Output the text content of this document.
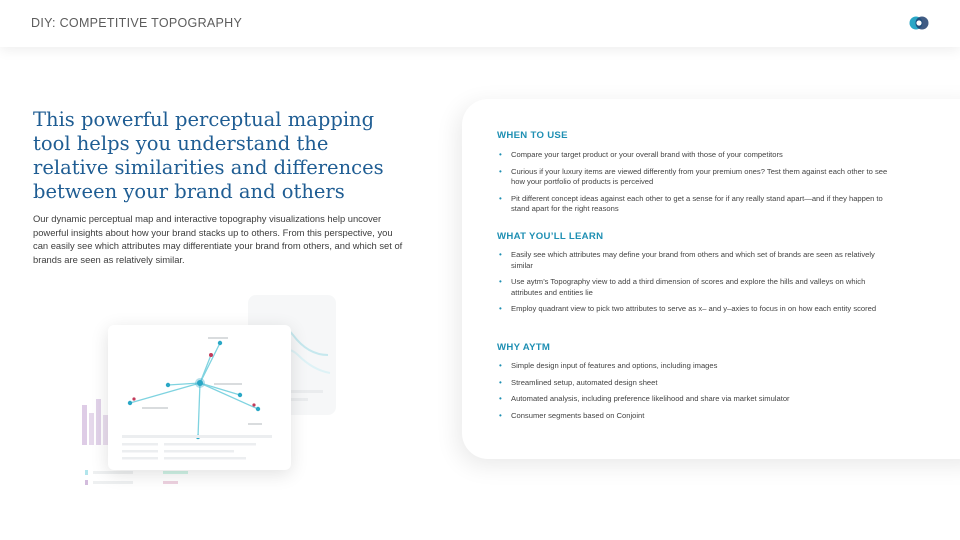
DIY: COMPETITIVE TOPOGRAPHY
This powerful perceptual mapping tool helps you understand the relative similarities and differences between your brand and others

Our dynamic perceptual map and interactive topography visualizations help uncover powerful insights about how your brand stacks up to others. From this perspective, you can easily see which attributes may differentiate your brand from others, and which set of brands are seen as relatively similar.

WHEN TO USE
• Compare your target product or your overall brand with those of your competitors
• Curious if your luxury items are viewed differently from your premium ones? Test them against each other to see how your portfolio of products is perceived
• Pit different concept ideas against each other to get a sense for if any really stand apart—and if they happen to stand apart for the right reasons
WHAT YOU’LL LEARN
• Easily see which attributes may define your brand from others and which set of brands are seen as relatively similar
• Use aytm’s Topography view to add a third dimension of scores and explore the hills and valleys on which attributes and entities lie
• Employ quadrant view to pick two attributes to serve as x– and y–axies to focus in on how each entity scored
WHY AYTM
• Simple design input of features and options, including images
• Streamlined setup, automated design sheet
• Automated analysis, including preference likelihood and share via market simulator
• Consumer segments based on Conjoint
